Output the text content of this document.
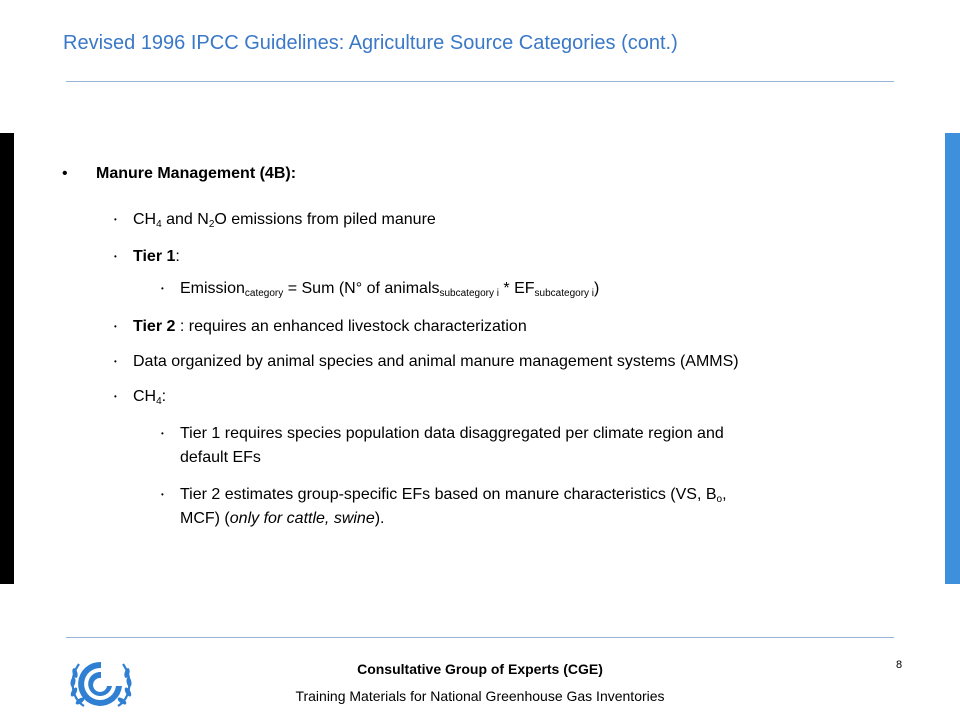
Revised 1996 IPCC Guidelines: Agriculture Source Categories (cont.)
•	Manure Management (4B):
•	$CH_4$ and $N_2O$ emissions from piled manure
•	Tier 1:
•	Emission$_{category}$ = Sum (N° of animals$_{subcategory i}$ * $EF_{subcategory i}$)
•	Tier 2 : requires an enhanced livestock characterization
•	Data organized by animal species and animal manure management systems (AMMS)
•	$CH_4$:
•	Tier 1 requires species population data disaggregated per climate region and
default EFs
•	Tier 2 estimates group-specific EFs based on manure characteristics (VS, $B_o$,
MCF) (only for cattle, swine).
Consultative Group of Experts (CGE)
Training Materials for National Greenhouse Gas Inventories
8
